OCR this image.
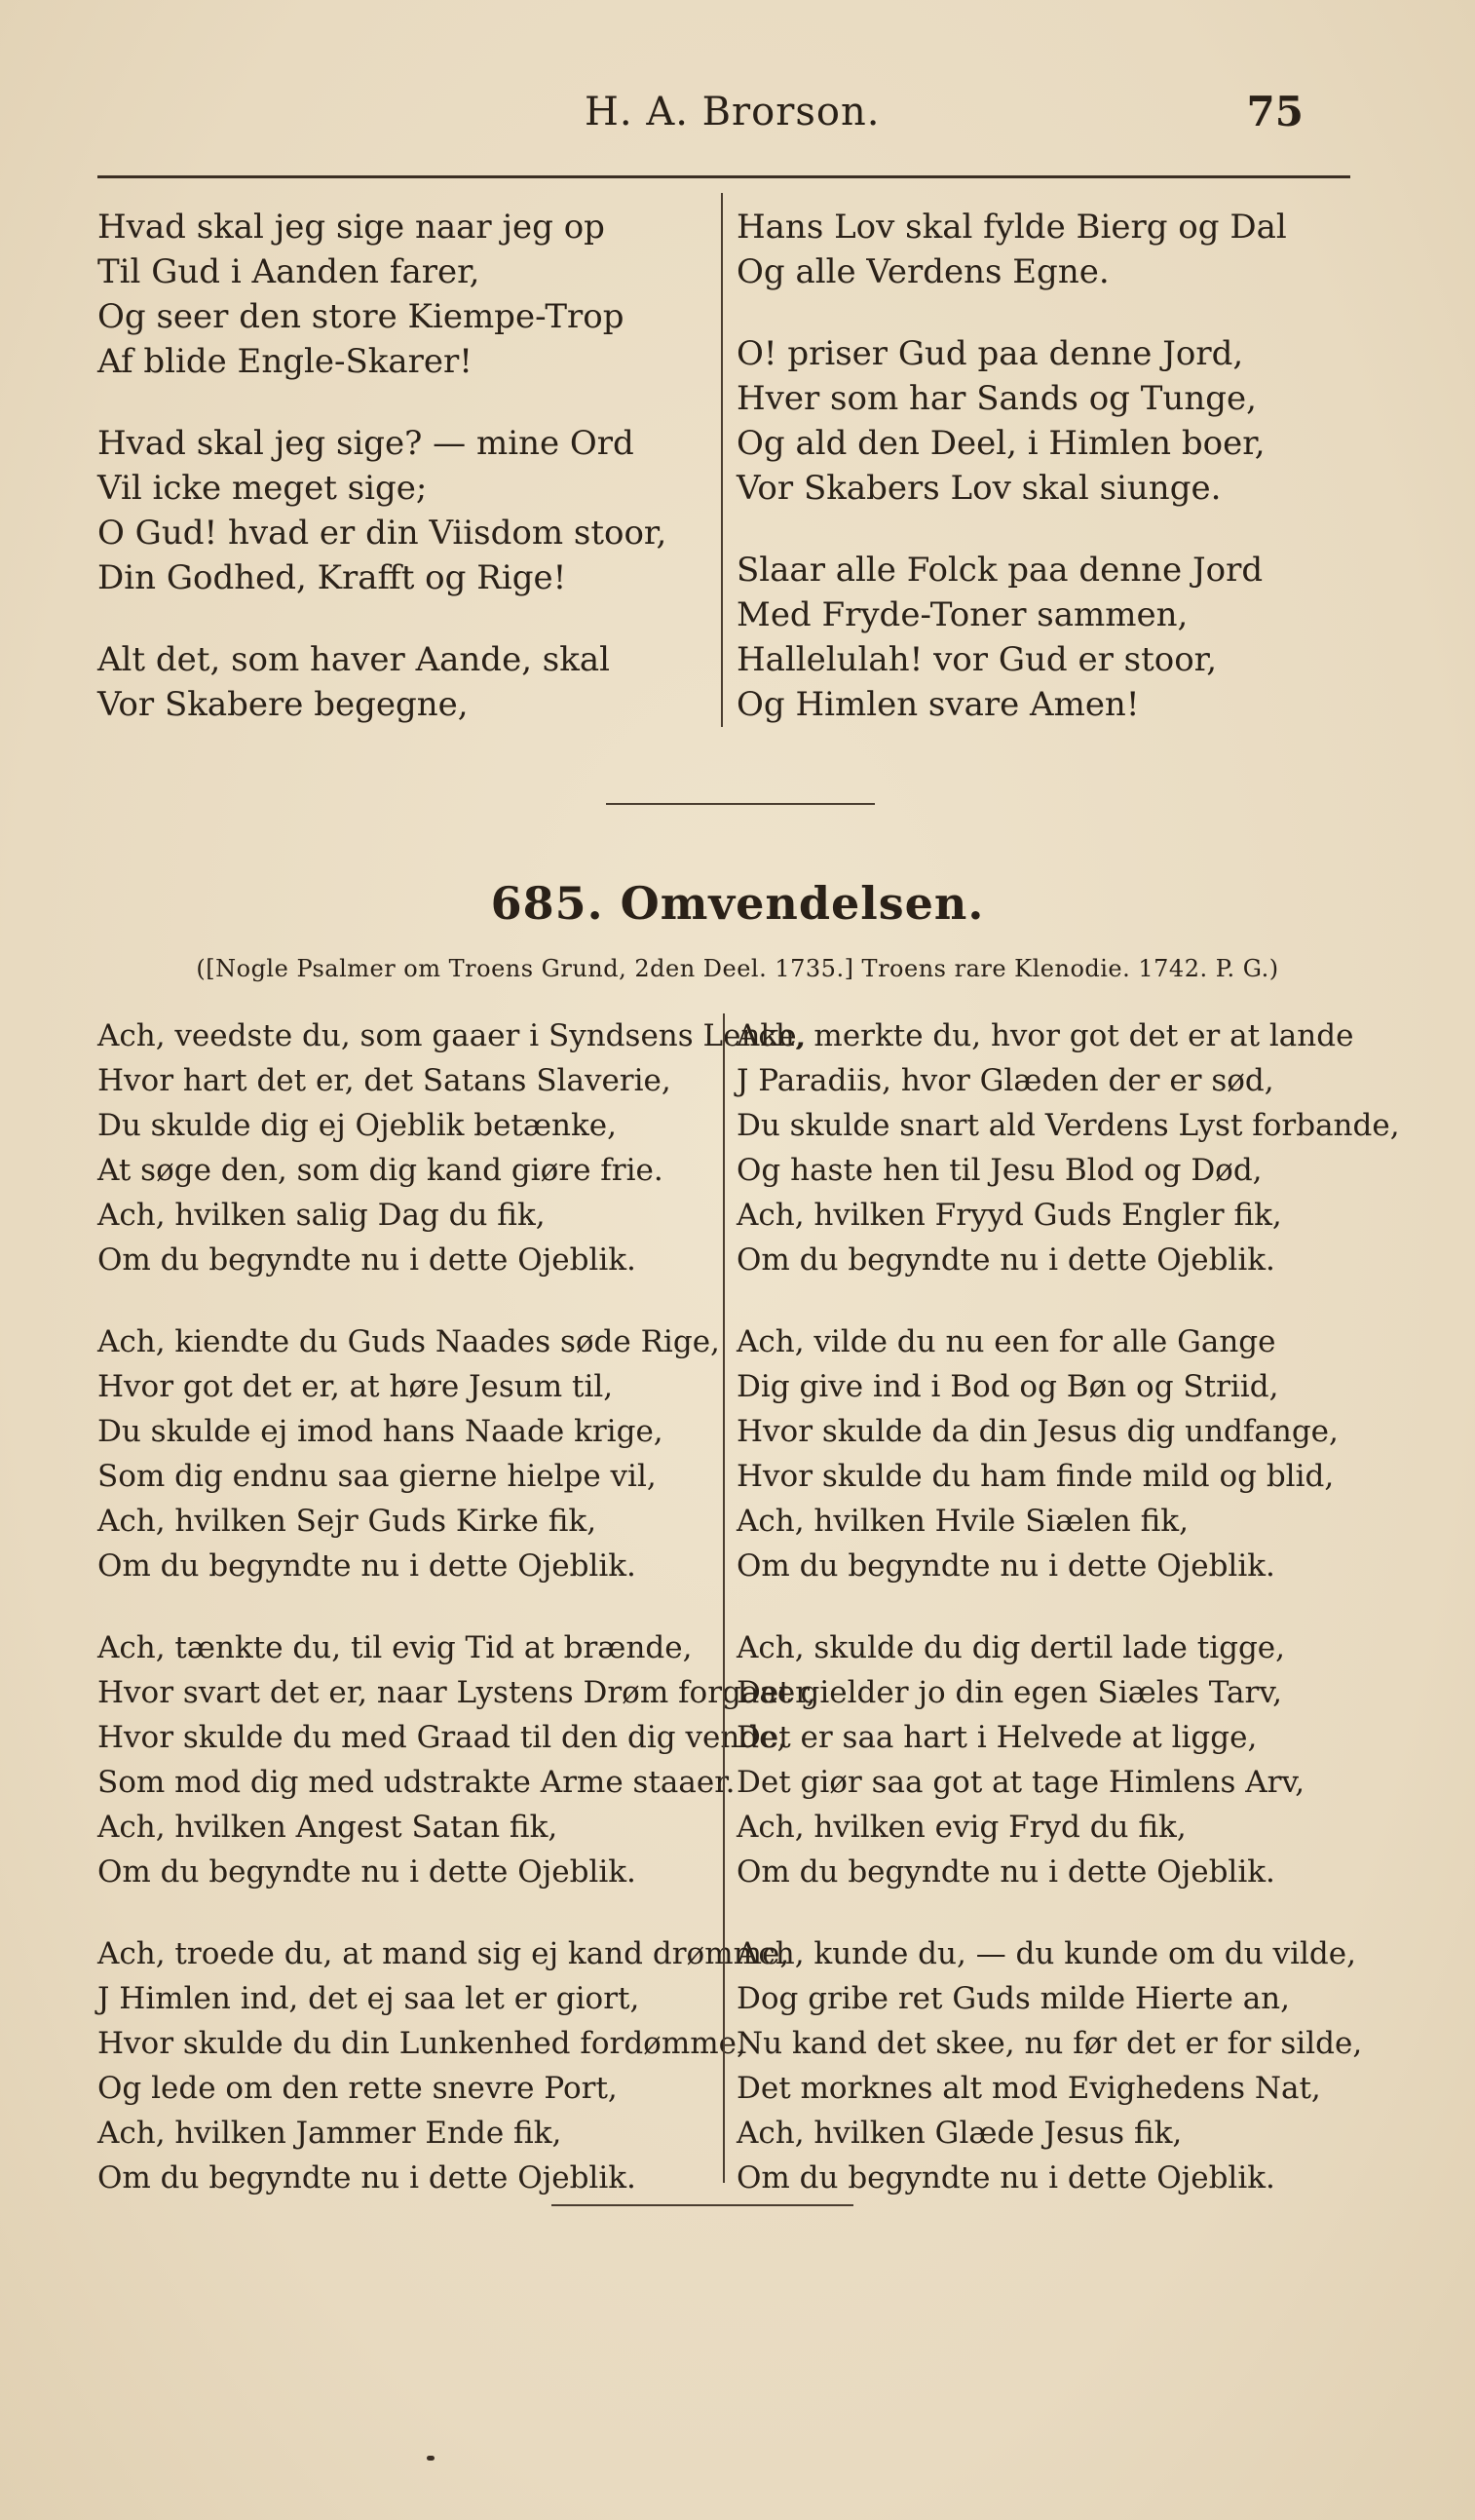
H. A. Brorson.	75
Hvad skal jeg sige naar jeg op
Til Gud i Aanden farer,
Og seer den store Kiempe-Trop
Af blide Engle-Skarer!
Hvad skal jeg sige? — mine Ord
Vil icke meget sige;
O Gud! hvad er din Viisdom stoor,
Din Godhed, Krafft og Rige!
Alt det, som haver Aande, skal
Vor Skabere begegne,
Hans Lov skal fylde Bierg og Dal
Og alle Verdens Egne.
O! priser Gud paa denne Jord,
Hver som har Sands og Tunge,
Og ald den Deel, i Himlen boer,
Vor Skabers Lov skal siunge.
Slaar alle Folck paa denne Jord
Med Fryde-Toner sammen,
Hallelulah! vor Gud er stoor,
Og Himlen svare Amen!
685. Omvendelsen.
([Nogle Psalmer om Troens Grund, 2den Deel. 1735.] Troens rare Klenodie. 1742. P. G.)
Ach, veedste du, som gaaer i Syndsens Lenke,
Hvor hart det er, det Satans Slaverie,
Du skulde dig ej Ojeblik betænke,
At søge den, som dig kand giøre frie.
Ach, hvilken salig Dag du fik,
Om du begyndte nu i dette Ojeblik.
Ach, kiendte du Guds Naades søde Rige,
Hvor got det er, at høre Jesum til,
Du skulde ej imod hans Naade krige,
Som dig endnu saa gierne hielpe vil,
Ach, hvilken Sejr Guds Kirke fik,
Om du begyndte nu i dette Ojeblik.
Ach, tænkte du, til evig Tid at brænde,
Hvor svart det er, naar Lystens Drøm forgaaer,
Hvor skulde du med Graad til den dig vende,
Som mod dig med udstrakte Arme staaer.
Ach, hvilken Angest Satan fik,
Om du begyndte nu i dette Ojeblik.
Ach, troede du, at mand sig ej kand drømme,
J Himlen ind, det ej saa let er giort,
Hvor skulde du din Lunkenhed fordømme,
Og lede om den rette snevre Port,
Ach, hvilken Jammer Ende fik,
Om du begyndte nu i dette Ojeblik.
Ach, merkte du, hvor got det er at lande
J Paradiis, hvor Glæden der er sød,
Du skulde snart ald Verdens Lyst forbande,
Og haste hen til Jesu Blod og Død,
Ach, hvilken Fryyd Guds Engler fik,
Om du begyndte nu i dette Ojeblik.
Ach, vilde du nu een for alle Gange
Dig give ind i Bod og Bøn og Striid,
Hvor skulde da din Jesus dig undfange,
Hvor skulde du ham finde mild og blid,
Ach, hvilken Hvile Siælen fik,
Om du begyndte nu i dette Ojeblik.
Ach, skulde du dig dertil lade tigge,
Det gielder jo din egen Siæles Tarv,
Det er saa hart i Helvede at ligge,
Det giør saa got at tage Himlens Arv,
Ach, hvilken evig Fryd du fik,
Om du begyndte nu i dette Ojeblik.
Ach, kunde du, — du kunde om du vilde,
Dog gribe ret Guds milde Hierte an,
Nu kand det skee, nu før det er for silde,
Det morknes alt mod Evighedens Nat,
Ach, hvilken Glæde Jesus fik,
Om du begyndte nu i dette Ojeblik.
